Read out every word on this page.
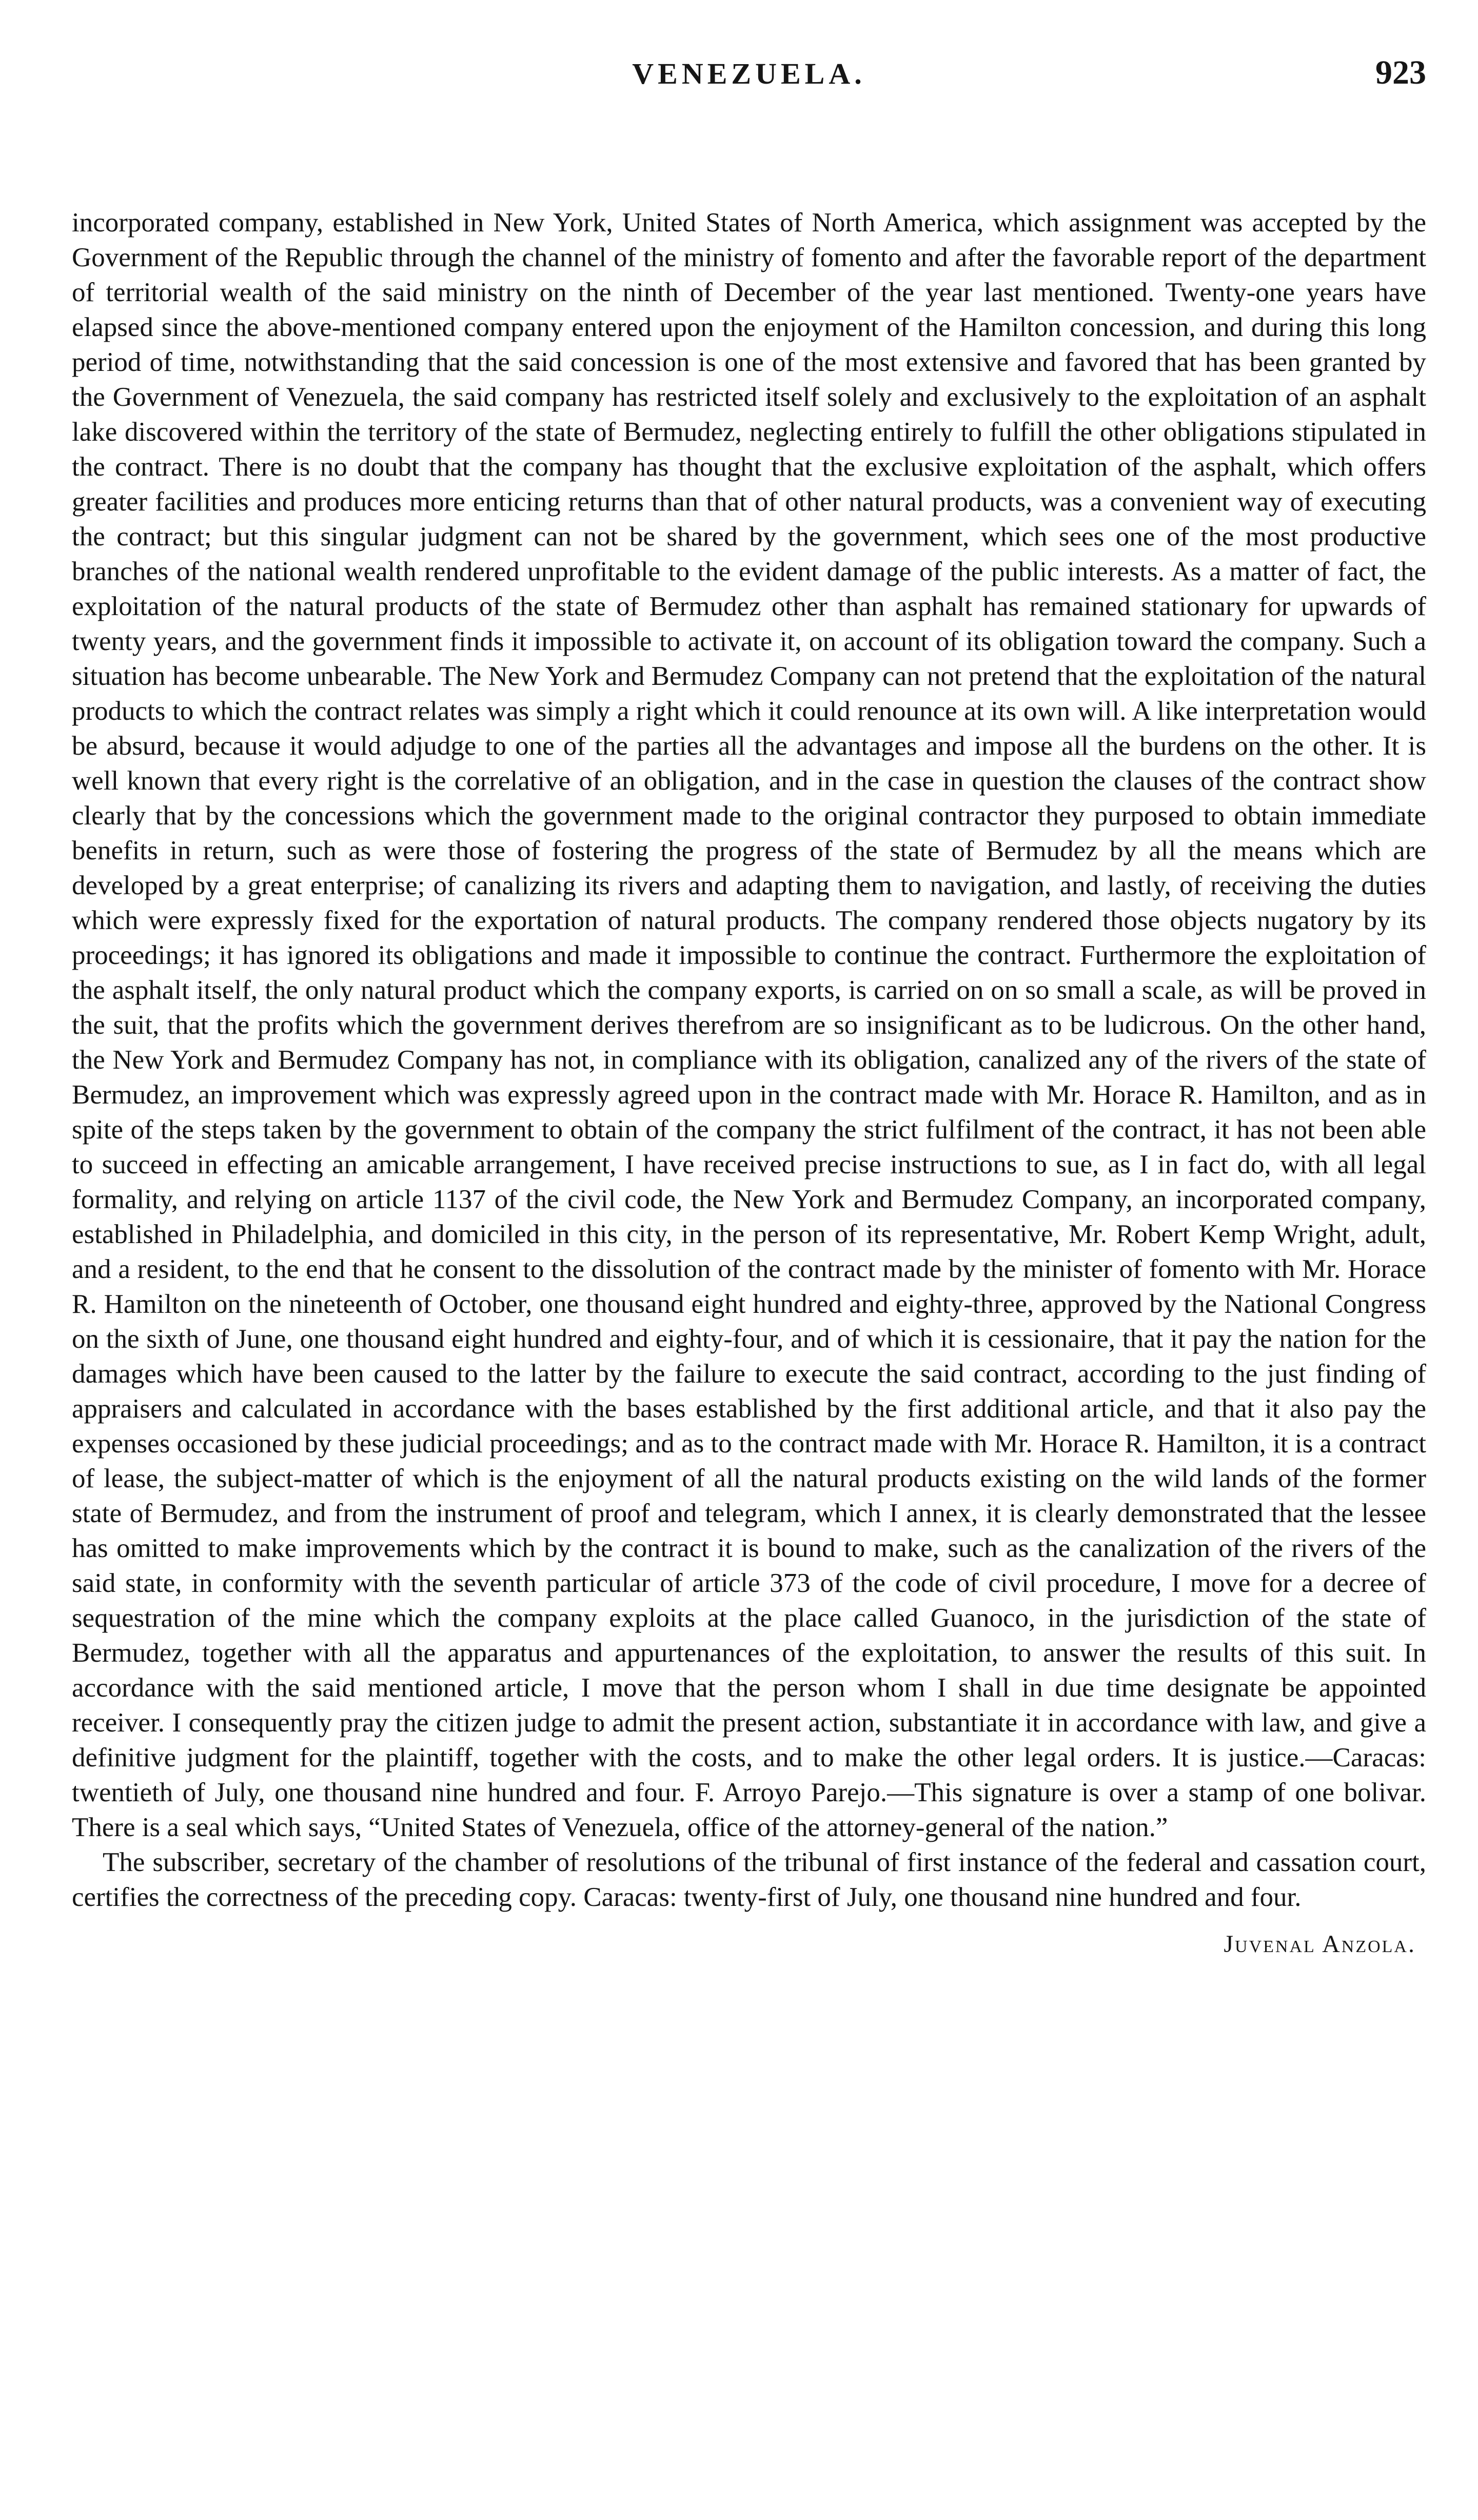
VENEZUELA.	923

incorporated company, established in New York, United States of North America, which assignment was accepted by the Government of the Republic through the channel of the ministry of fomento and after the favorable report of the department of territorial wealth of the said ministry on the ninth of December of the year last mentioned. Twenty-one years have elapsed since the above-mentioned company entered upon the enjoyment of the Hamilton concession, and during this long period of time, notwithstanding that the said concession is one of the most extensive and favored that has been granted by the Government of Venezuela, the said company has restricted itself solely and exclusively to the exploitation of an asphalt lake discovered within the territory of the state of Bermudez, neglecting entirely to fulfill the other obligations stipulated in the contract. There is no doubt that the company has thought that the exclusive exploitation of the asphalt, which offers greater facilities and produces more enticing returns than that of other natural products, was a convenient way of executing the contract; but this singular judgment can not be shared by the government, which sees one of the most productive branches of the national wealth rendered unprofitable to the evident damage of the public interests. As a matter of fact, the exploitation of the natural products of the state of Bermudez other than asphalt has remained stationary for upwards of twenty years, and the government finds it impossible to activate it, on account of its obligation toward the company. Such a situation has become unbearable. The New York and Bermudez Company can not pretend that the exploitation of the natural products to which the contract relates was simply a right which it could renounce at its own will. A like interpretation would be absurd, because it would adjudge to one of the parties all the advantages and impose all the burdens on the other. It is well known that every right is the correlative of an obligation, and in the case in question the clauses of the contract show clearly that by the concessions which the government made to the original contractor they purposed to obtain immediate benefits in return, such as were those of fostering the progress of the state of Bermudez by all the means which are developed by a great enterprise; of canalizing its rivers and adapting them to navigation, and lastly, of receiving the duties which were expressly fixed for the exportation of natural products. The company rendered those objects nugatory by its proceedings; it has ignored its obligations and made it impossible to continue the contract. Furthermore the exploitation of the asphalt itself, the only natural product which the company exports, is carried on on so small a scale, as will be proved in the suit, that the profits which the government derives therefrom are so insignificant as to be ludicrous. On the other hand, the New York and Bermudez Company has not, in compliance with its obligation, canalized any of the rivers of the state of Bermudez, an improvement which was expressly agreed upon in the contract made with Mr. Horace R. Hamilton, and as in spite of the steps taken by the government to obtain of the company the strict fulfilment of the contract, it has not been able to succeed in effecting an amicable arrangement, I have received precise instructions to sue, as I in fact do, with all legal formality, and relying on article 1137 of the civil code, the New York and Bermudez Company, an incorporated company, established in Philadelphia, and domiciled in this city, in the person of its representative, Mr. Robert Kemp Wright, adult, and a resident, to the end that he consent to the dissolution of the contract made by the minister of fomento with Mr. Horace R. Hamilton on the nineteenth of October, one thousand eight hundred and eighty-three, approved by the National Congress on the sixth of June, one thousand eight hundred and eighty-four, and of which it is cessionaire, that it pay the nation for the damages which have been caused to the latter by the failure to execute the said contract, according to the just finding of appraisers and calculated in accordance with the bases established by the first additional article, and that it also pay the expenses occasioned by these judicial proceedings; and as to the contract made with Mr. Horace R. Hamilton, it is a contract of lease, the subject-matter of which is the enjoyment of all the natural products existing on the wild lands of the former state of Bermudez, and from the instrument of proof and telegram, which I annex, it is clearly demonstrated that the lessee has omitted to make improvements which by the contract it is bound to make, such as the canalization of the rivers of the said state, in conformity with the seventh particular of article 373 of the code of civil procedure, I move for a decree of sequestration of the mine which the company exploits at the place called Guanoco, in the jurisdiction of the state of Bermudez, together with all the apparatus and appurtenances of the exploitation, to answer the results of this suit. In accordance with the said mentioned article, I move that the person whom I shall in due time designate be appointed receiver. I consequently pray the citizen judge to admit the present action, substantiate it in accordance with law, and give a definitive judgment for the plaintiff, together with the costs, and to make the other legal orders. It is justice.—Caracas: twentieth of July, one thousand nine hundred and four. F. Arroyo Parejo.—This signature is over a stamp of one bolivar. There is a seal which says, “United States of Venezuela, office of the attorney-general of the nation.”

The subscriber, secretary of the chamber of resolutions of the tribunal of first instance of the federal and cassation court, certifies the correctness of the preceding copy. Caracas: twenty-first of July, one thousand nine hundred and four.

Juvenal Anzola.
